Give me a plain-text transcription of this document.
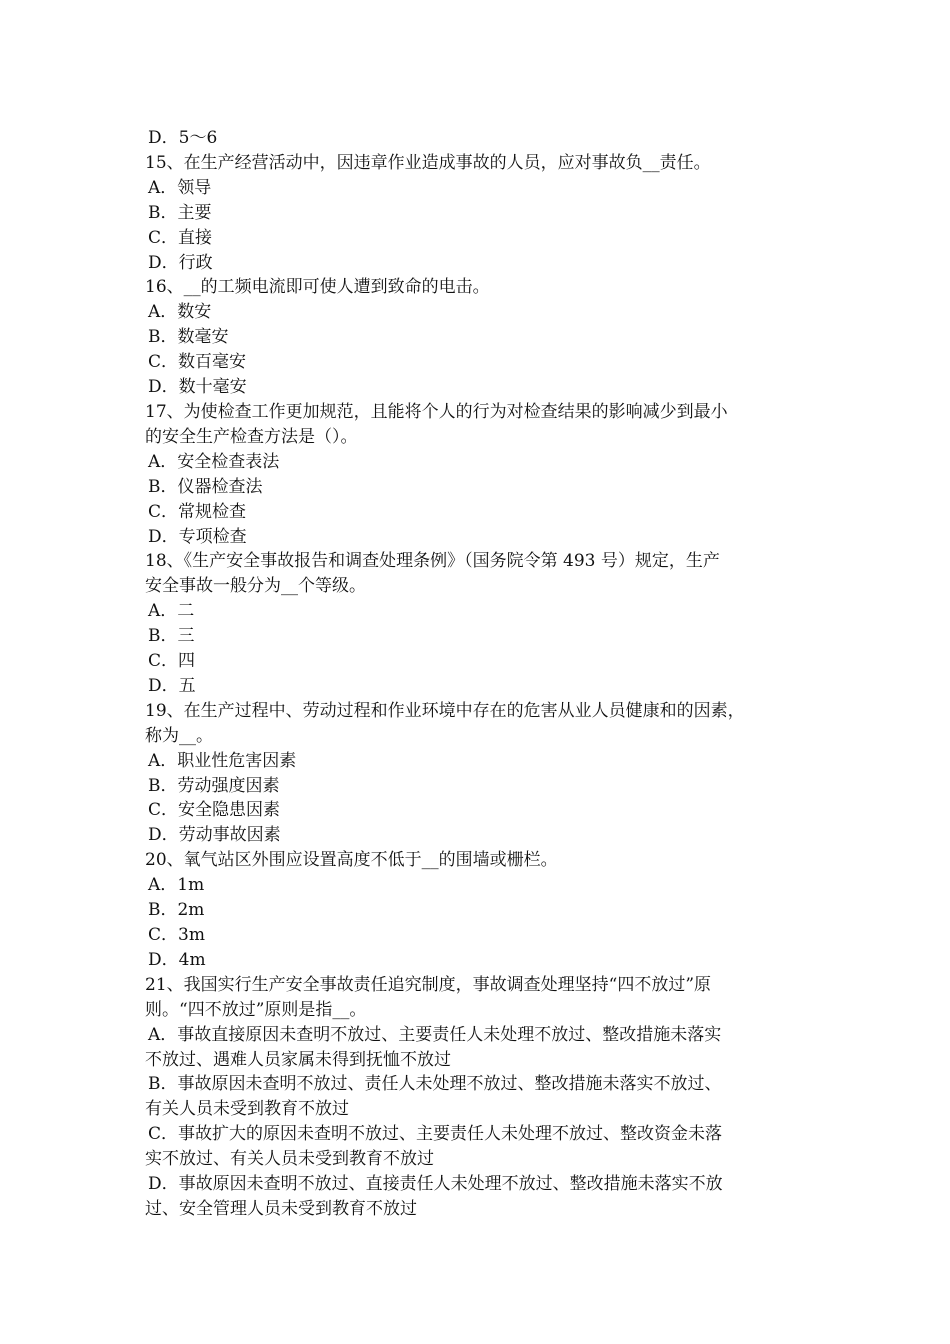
D．5～6
15、在生产经营活动中，因违章作业造成事故的人员，应对事故负__责任。
A．领导
B．主要
C．直接
D．行政
16、__的工频电流即可使人遭到致命的电击。
A．数安
B．数毫安
C．数百毫安
D．数十毫安
17、为使检查工作更加规范，且能将个人的行为对检查结果的影响减少到最小
的安全生产检查方法是（）。
A．安全检查表法
B．仪器检查法
C．常规检查
D．专项检查
18、《生产安全事故报告和调查处理条例》（国务院令第 493 号）规定，生产
安全事故一般分为__个等级。
A．二
B．三
C．四
D．五
19、在生产过程中、劳动过程和作业环境中存在的危害从业人员健康和的因素，
称为__。
A．职业性危害因素
B．劳动强度因素
C．安全隐患因素
D．劳动事故因素
20、氧气站区外围应设置高度不低于__的围墙或栅栏。
A．1m
B．2m
C．3m
D．4m
21、我国实行生产安全事故责任追究制度，事故调查处理坚持“四不放过”原
则。“四不放过”原则是指__。
A．事故直接原因未查明不放过、主要责任人未处理不放过、整改措施未落实
不放过、遇难人员家属未得到抚恤不放过
B．事故原因未查明不放过、责任人未处理不放过、整改措施未落实不放过、
有关人员未受到教育不放过
C．事故扩大的原因未查明不放过、主要责任人未处理不放过、整改资金未落
实不放过、有关人员未受到教育不放过
D．事故原因未查明不放过、直接责任人未处理不放过、整改措施未落实不放
过、安全管理人员未受到教育不放过
